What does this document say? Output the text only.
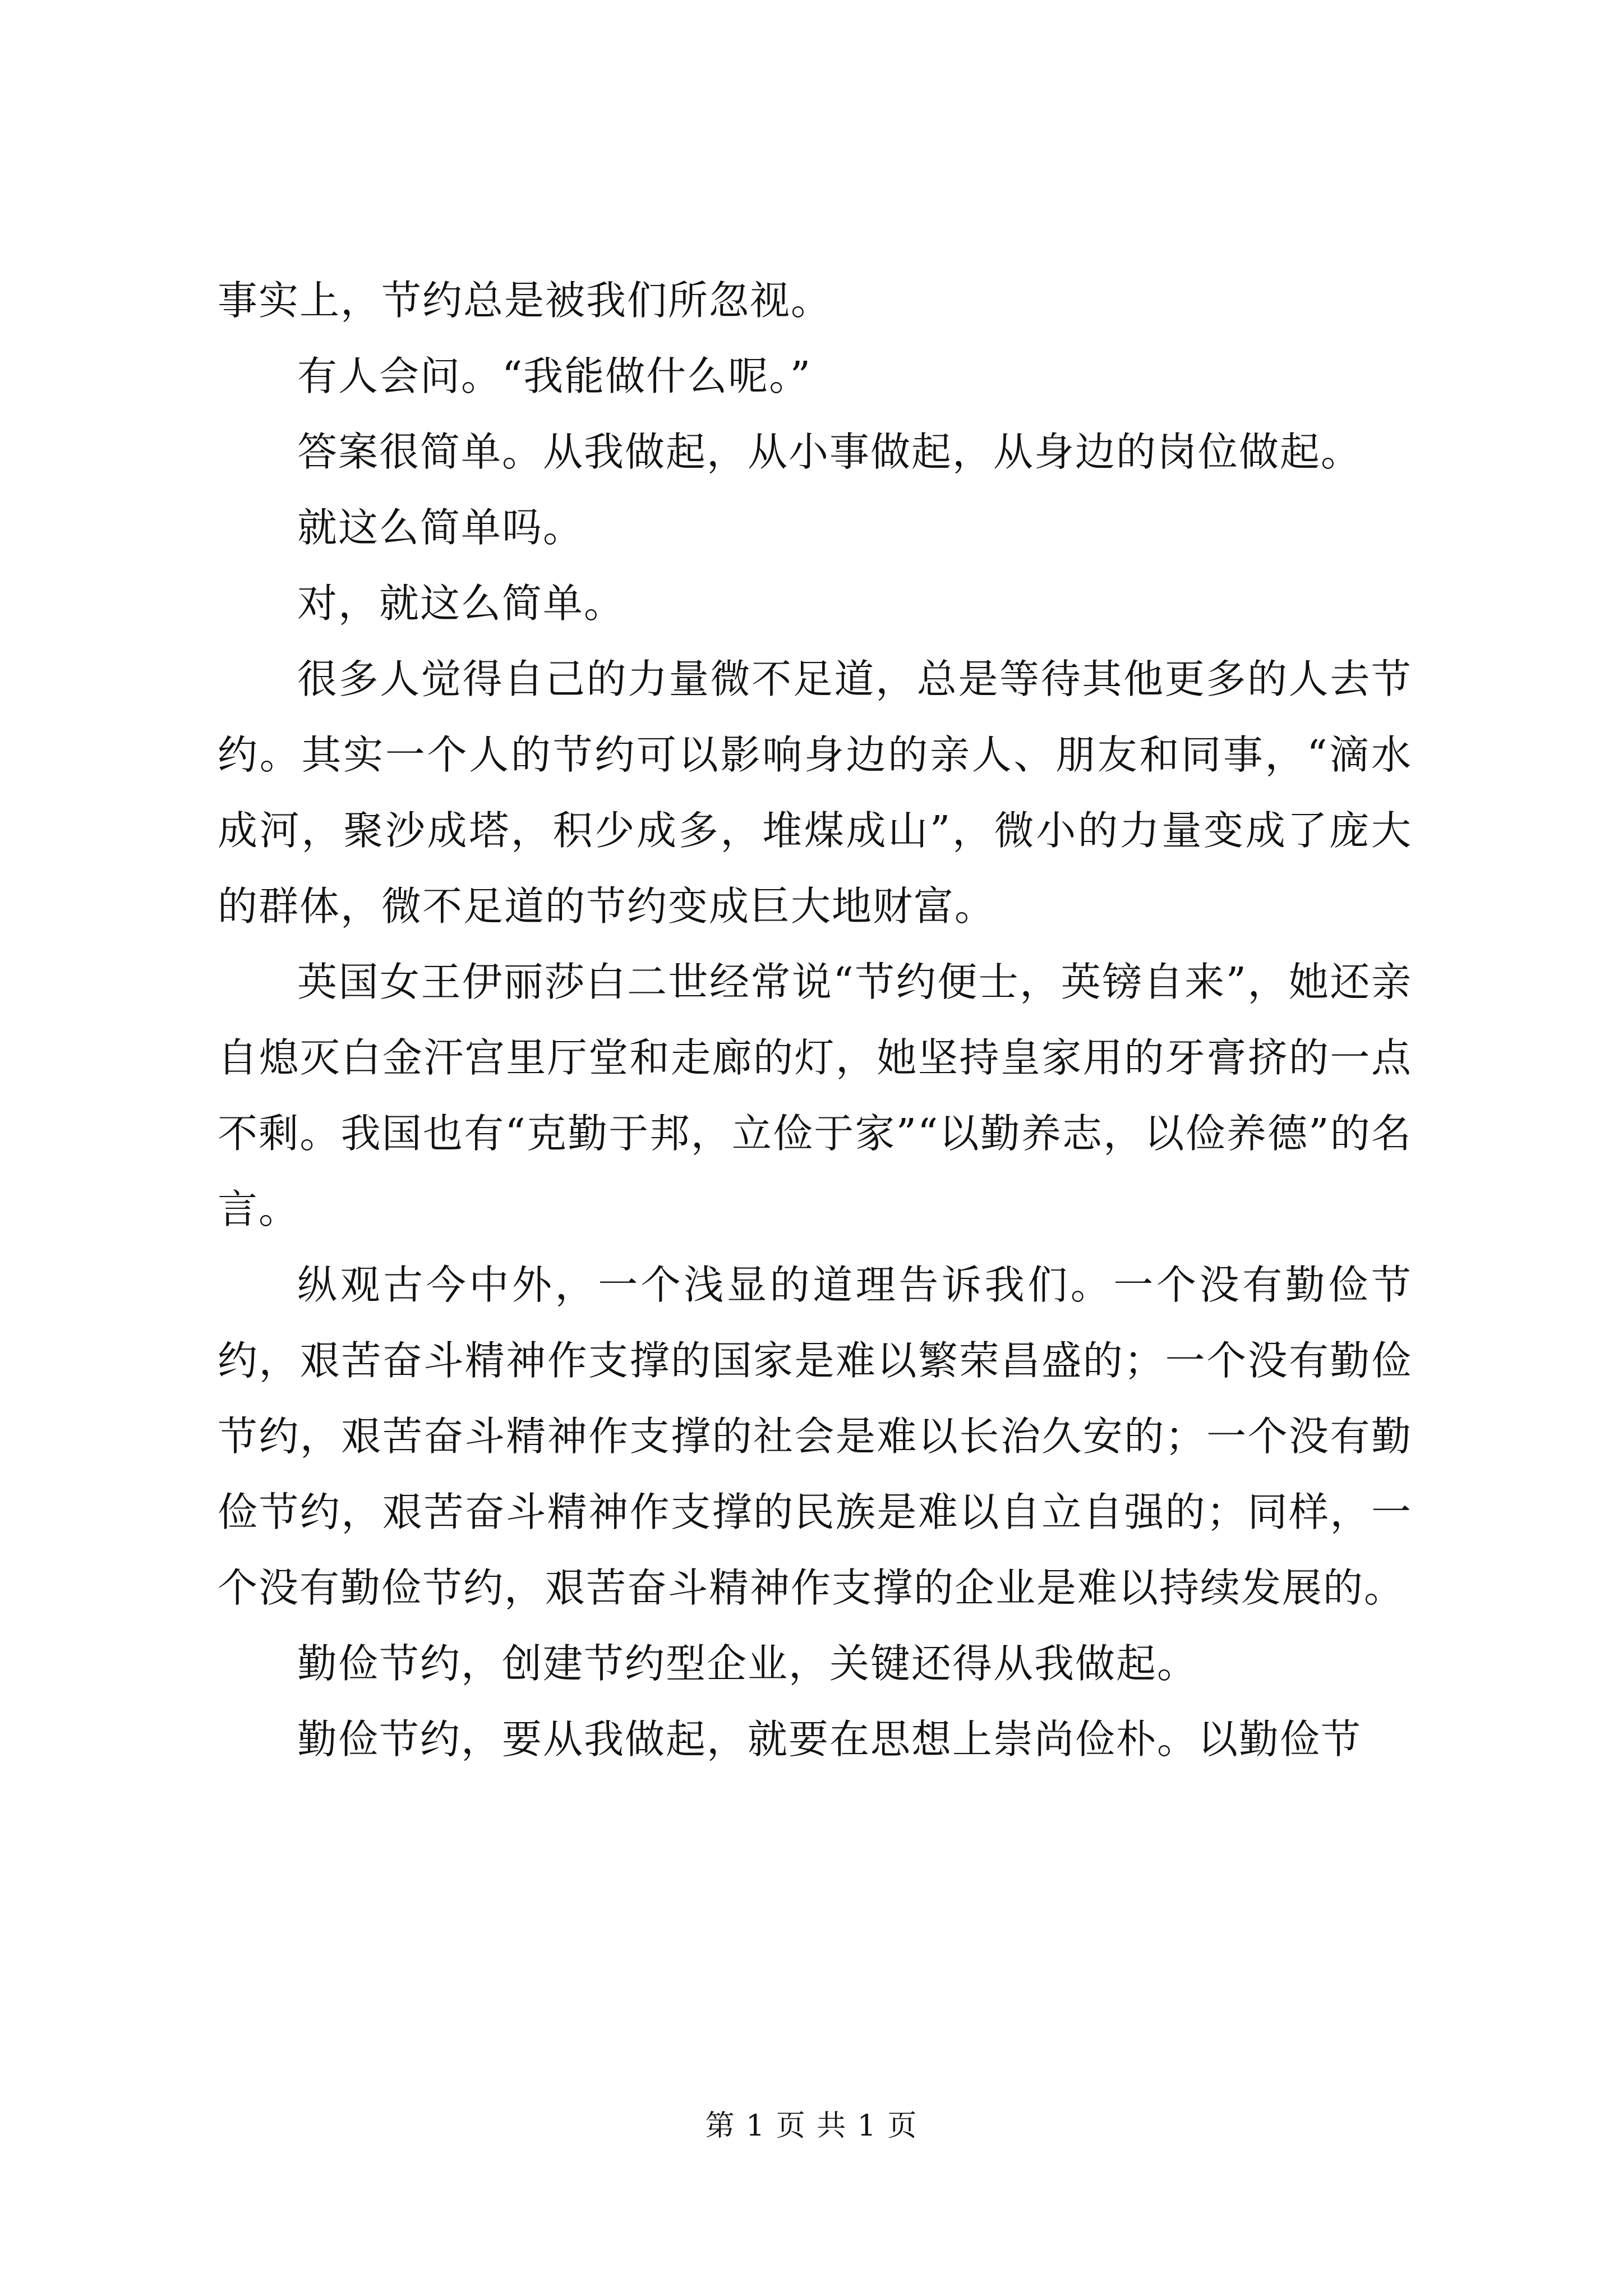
事实上，节约总是被我们所忽视。

有人会问。“我能做什么呢。”

答案很简单。从我做起，从小事做起，从身边的岗位做起。

就这么简单吗。

对，就这么简单。

很多人觉得自己的力量微不足道，总是等待其他更多的人去节约。其实一个人的节约可以影响身边的亲人、朋友和同事，“滴水成河，聚沙成塔，积少成多，堆煤成山”，微小的力量变成了庞大的群体，微不足道的节约变成巨大地财富。

英国女王伊丽莎白二世经常说“节约便士，英镑自来”，她还亲自熄灭白金汗宫里厅堂和走廊的灯，她坚持皇家用的牙膏挤的一点不剩。我国也有“克勤于邦，立俭于家”“以勤养志，以俭养德”的名言。

纵观古今中外，一个浅显的道理告诉我们。一个没有勤俭节约，艰苦奋斗精神作支撑的国家是难以繁荣昌盛的；一个没有勤俭节约，艰苦奋斗精神作支撑的社会是难以长治久安的；一个没有勤俭节约，艰苦奋斗精神作支撑的民族是难以自立自强的；同样，一个没有勤俭节约，艰苦奋斗精神作支撑的企业是难以持续发展的。

勤俭节约，创建节约型企业，关键还得从我做起。

勤俭节约，要从我做起，就要在思想上崇尚俭朴。以勤俭节

第 1 页 共 1 页
